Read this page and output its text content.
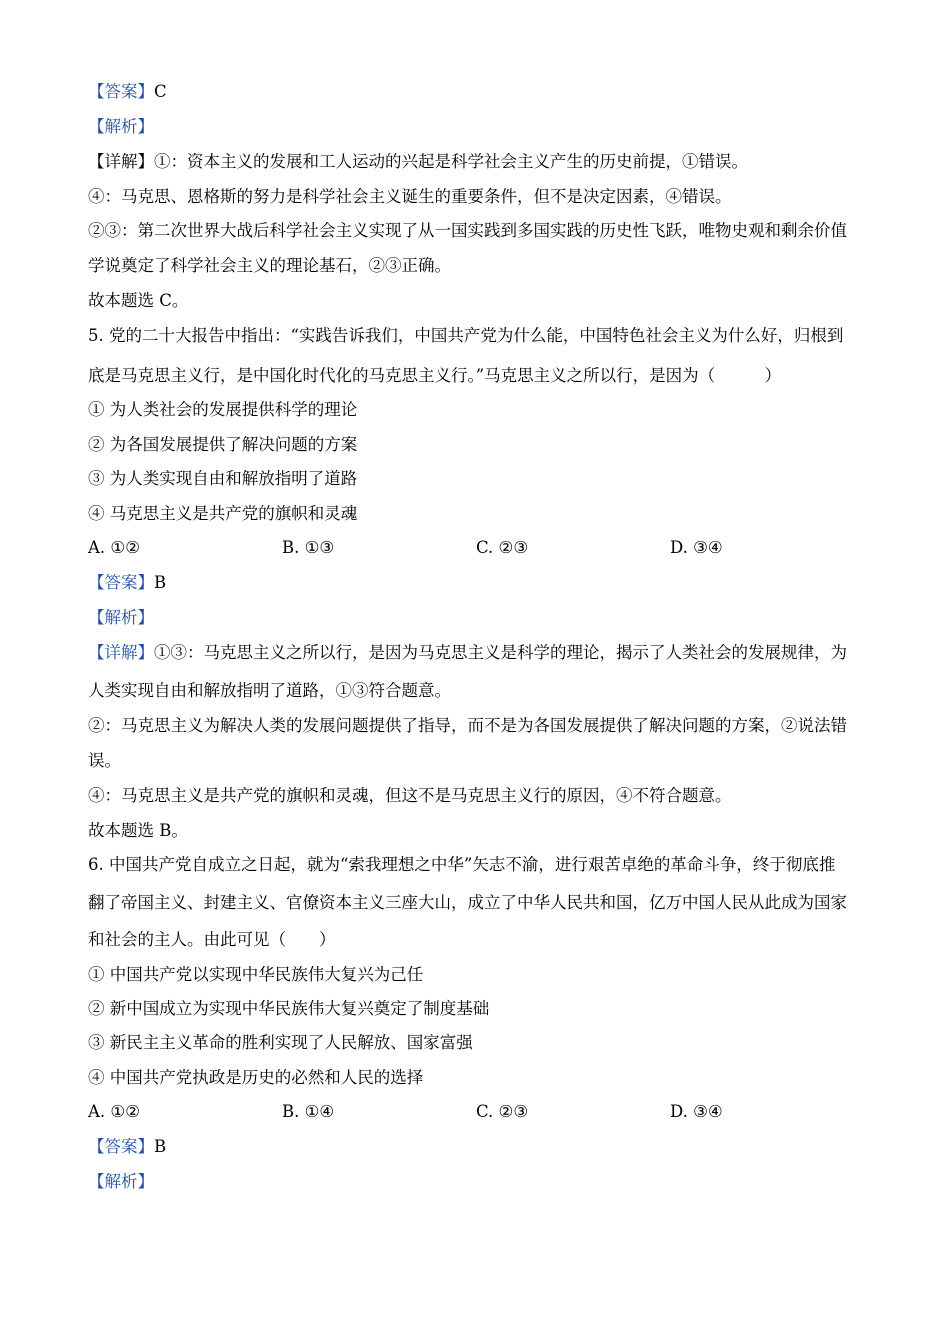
【答案】C
【解析】
【详解】①：资本主义的发展和工人运动的兴起是科学社会主义产生的历史前提，①错误。
④：马克思、恩格斯的努力是科学社会主义诞生的重要条件，但不是决定因素，④错误。
②③：第二次世界大战后科学社会主义实现了从一国实践到多国实践的历史性飞跃，唯物史观和剩余价值
学说奠定了科学社会主义的理论基石，②③正确。
故本题选 C。
5. 党的二十大报告中指出：“实践告诉我们，中国共产党为什么能，中国特色社会主义为什么好，归根到
底是马克思主义行，是中国化时代化的马克思主义行。”马克思主义之所以行，是因为（　　　）
① 为人类社会的发展提供科学的理论
② 为各国发展提供了解决问题的方案
③ 为人类实现自由和解放指明了道路
④ 马克思主义是共产党的旗帜和灵魂
A. ①②	B. ①③	C. ②③	D. ③④
【答案】B
【解析】
【详解】①③：马克思主义之所以行，是因为马克思主义是科学的理论，揭示了人类社会的发展规律，为
人类实现自由和解放指明了道路，①③符合题意。
②：马克思主义为解决人类的发展问题提供了指导，而不是为各国发展提供了解决问题的方案，②说法错
误。
④：马克思主义是共产党的旗帜和灵魂，但这不是马克思主义行的原因，④不符合题意。
故本题选 B。
6. 中国共产党自成立之日起，就为“索我理想之中华”矢志不渝，进行艰苦卓绝的革命斗争，终于彻底推
翻了帝国主义、封建主义、官僚资本主义三座大山，成立了中华人民共和国，亿万中国人民从此成为国家
和社会的主人。由此可见（　　）
① 中国共产党以实现中华民族伟大复兴为己任
② 新中国成立为实现中华民族伟大复兴奠定了制度基础
③ 新民主主义革命的胜利实现了人民解放、国家富强
④ 中国共产党执政是历史的必然和人民的选择
A. ①②	B. ①④	C. ②③	D. ③④
【答案】B
【解析】
